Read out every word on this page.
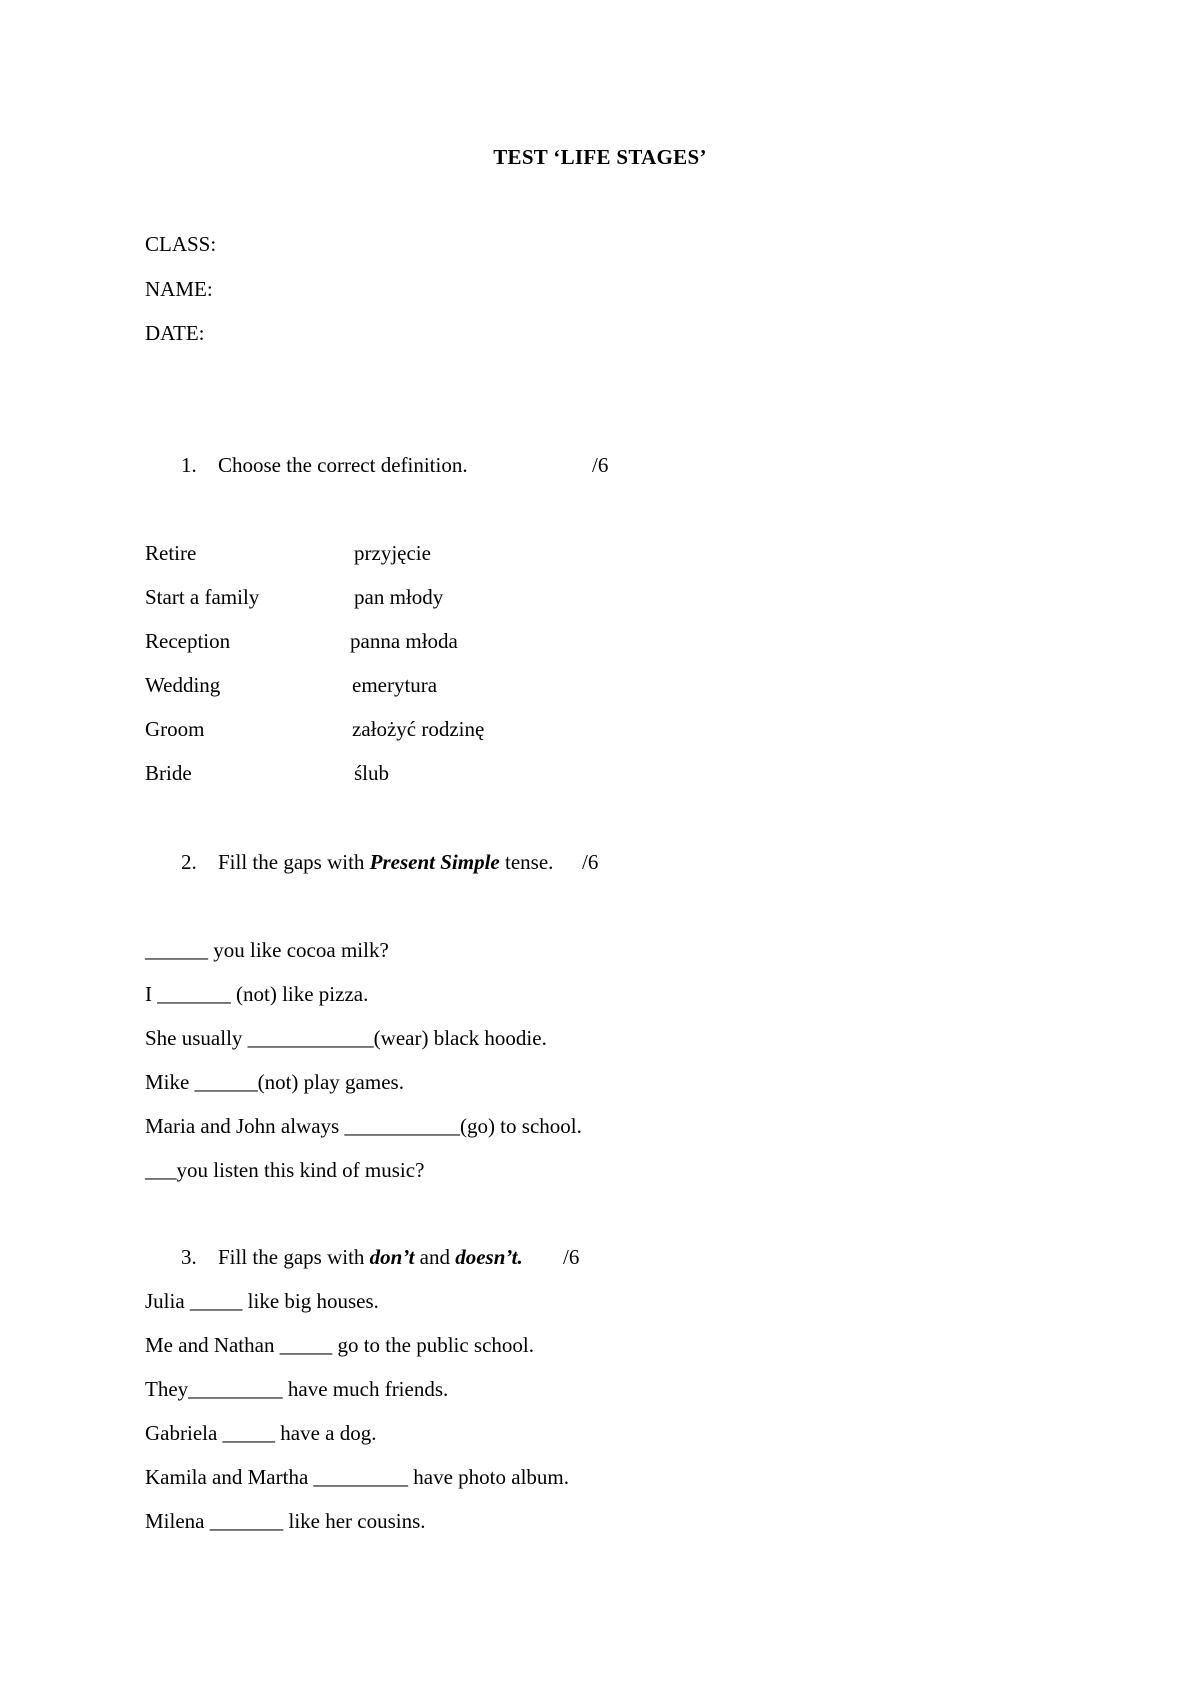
TEST ‘LIFE STAGES’
CLASS:
NAME:
DATE:
1. Choose the correct definition.	/6
Retire
Start a family
Reception
Wedding
Groom
Bride
przyjęcie
pan młody
panna młoda
emerytura
założyć rodzinę
ślub
2. Fill the gaps with Present Simple tense. /6
______ you like cocoa milk?
I _______ (not) like pizza.
She usually ____________(wear) black hoodie.
Mike ______(not) play games.
Maria and John always ___________(go) to school.
___you listen this kind of music?
3. Fill the gaps with don’t and doesn’t. /6
Julia _____ like big houses.
Me and Nathan _____ go to the public school.
They_________ have much friends.
Gabriela _____ have a dog.
Kamila and Martha _________ have photo album.
Milena _______ like her cousins.
